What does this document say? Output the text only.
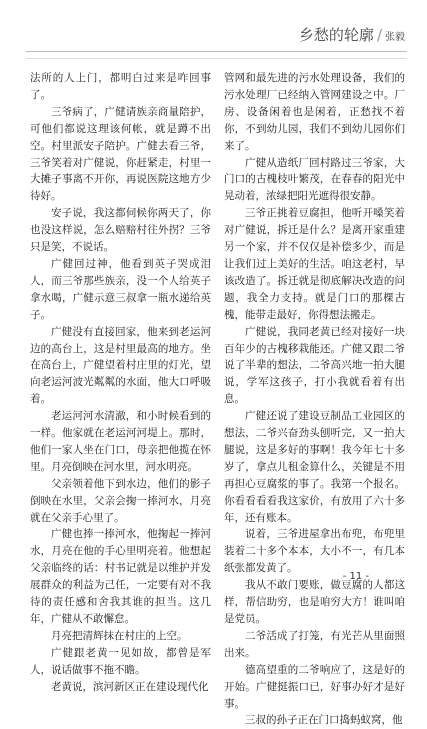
乡愁的轮廓 / 张毅

法所的人上门，都明白过来是咋回事了。

三爷病了，广健请族亲商量陪护，可他们都说这理该何帐，就是蹲不出空。村里派安子陪护。广健去看三爷，三爷笑着对广健说，你赶紧走，村里一大摊子事离不开你，再说医院这地方少待好。

安子说，我这都伺候你两天了，你也没这样说，怎么赔赔村往外拐？三爷只是笑，不说话。

广健回过神，他看到英子哭成泪人，而三爷那些族亲，没一个人给英子拿水喝，广健示意三叔拿一瓶水递给英子。

广健没有直接回家，他来到老运河边的高台上，这是村里最高的地方。坐在高台上，广健望着村庄里的灯光，望向老运河波光粼粼的水面，他大口呼吸着。

老运河河水清澈，和小时候看到的一样。他家就在老运河河堤上。那时，他们一家人坐在门口，母亲把他揽在怀里。月亮倒映在河水里，河水明亮。

父亲领着他下到水边，他们的影子倒映在水里，父亲会掬一捧河水，月亮就在父亲手心里了。

广健也捧一捧河水，他掬起一捧河水，月亮在他的手心里明亮着。他想起父亲临终的话：村书记就是以维护并发展群众的利益为己任，一定要有对不我待的责任感和舍我其谁的担当。这几年，广健从不敢懈怠。

月亮把清辉抹在村庄的上空。

广健跟老黄一见如故，都曾是军人，说话做事不拖不瞻。

老黄说，滨河新区正在建设现代化

管网和最先进的污水处理设备，我们的污水处理厂已经纳入管网建设之中。厂房、设备闲着也是闲着，正愁找不着你，不到幼儿园，我们不到幼儿园你们来了。

广健从造纸厂回村路过三爷家，大门口的古槐枝叶繁茂，在春春的阳光中晃动着，浓绿把阳光遮得很安静。

三爷正挑着豆腐担，他听开嗓笑着对广健说，拆迁是什么？是离开家重建另一个家，并不仅仅是补偿多少，而是让我们过上美好的生活。咱这老村，早该改造了。拆迁就是彻底解决改造的问题，我全力支持。就是门口的那棵古槐，能带走最好，你得想法搬走。

广健说，我同老黄已经对接好一块百年少的古槐移栽能还。广健又跟二爷说了半辈的想法，二爷高兴地一拍大腿说，学军这孩子，打小我就看着有出息。

广健还说了建设豆制品工业园区的想法，二爷兴奋劲头刨听完，又一拍大腿说，这是多好的事啊！我今年七十多岁了，拿点儿租金算什么，关键是不用再担心豆腐浆的事了。我第一个报名。你看看看看我这家价，有放用了六十多年，还有账本。

说着，三爷进屋拿出布兜，布兜里装着二十多个本本，大小不一，有几本纸张都发黄了。

我从不敢门要账，做豆腐的人都这样，帮信助穷，也是咱穷大方！谁叫咱是党员。

二爷活成了打笼，有光芒从里面照出来。

德高望重的二爷响应了，这是好的开始。广健挺振口已，好事办好才是好事。

三叔的孙子正在门口捣蚂蚁窝，他

- 11 -
